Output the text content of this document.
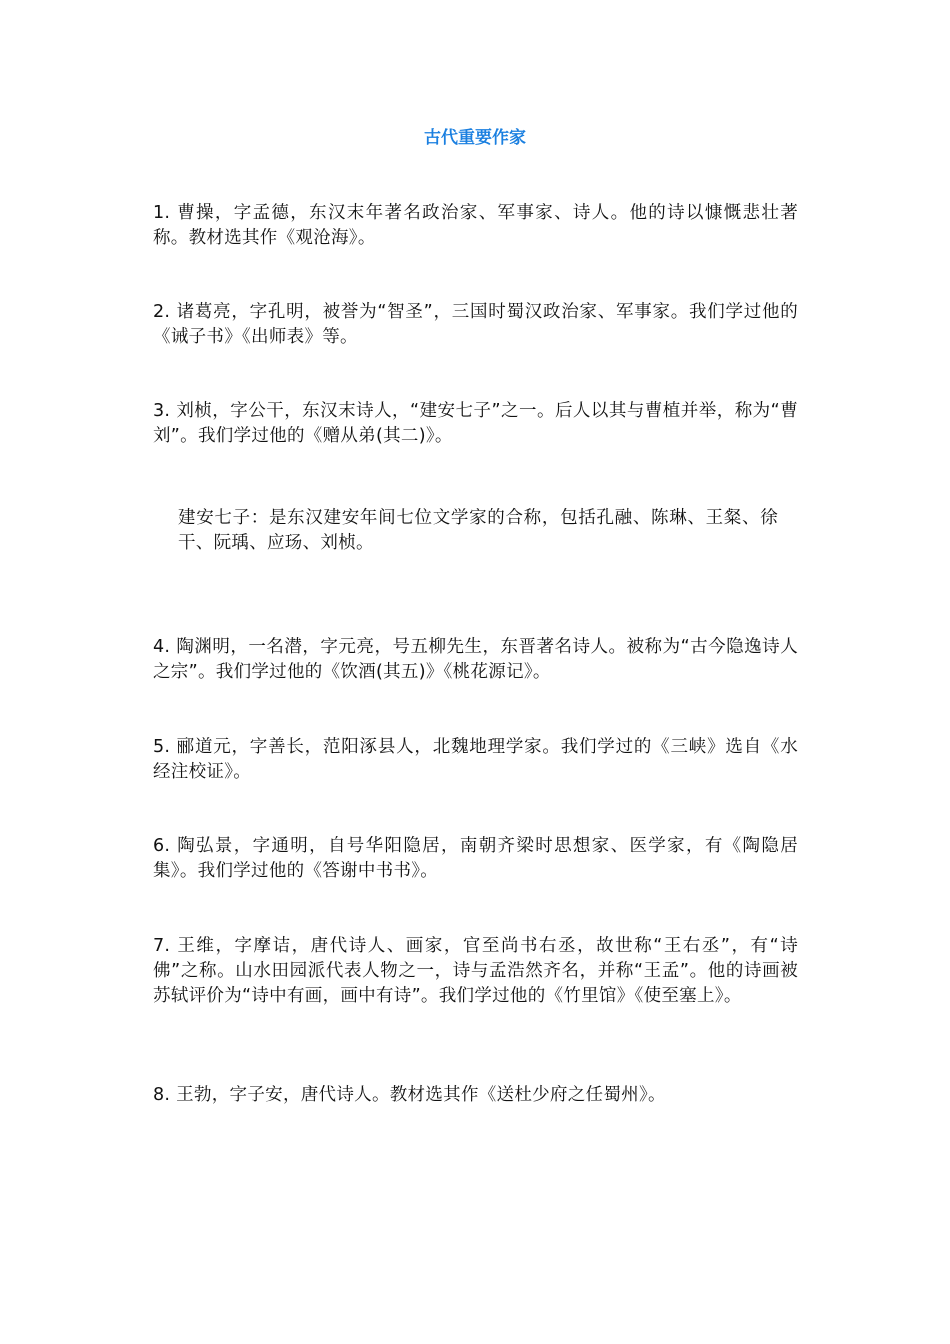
古代重要作家

1. 曹操，字孟德，东汉末年著名政治家、军事家、诗人。他的诗以慷慨悲壮著称。教材选其作《观沧海》。

2. 诸葛亮，字孔明，被誉为“智圣”，三国时蜀汉政治家、军事家。我们学过他的《诫子书》《出师表》等。

3. 刘桢，字公干，东汉末诗人，“建安七子”之一。后人以其与曹植并举，称为“曹刘”。我们学过他的《赠从弟(其二)》。

建安七子：是东汉建安年间七位文学家的合称，包括孔融、陈琳、王粲、徐干、阮瑀、应玚、刘桢。

4. 陶渊明，一名潜，字元亮，号五柳先生，东晋著名诗人。被称为“古今隐逸诗人之宗”。我们学过他的《饮酒(其五)》《桃花源记》。

5. 郦道元，字善长，范阳涿县人，北魏地理学家。我们学过的《三峡》选自《水经注校证》。

6. 陶弘景，字通明，自号华阳隐居，南朝齐梁时思想家、医学家，有《陶隐居集》。我们学过他的《答谢中书书》。

7. 王维，字摩诘，唐代诗人、画家，官至尚书右丞，故世称“王右丞”，有“诗佛”之称。山水田园派代表人物之一，诗与孟浩然齐名，并称“王孟”。他的诗画被苏轼评价为“诗中有画，画中有诗”。我们学过他的《竹里馆》《使至塞上》。

8. 王勃，字子安，唐代诗人。教材选其作《送杜少府之任蜀州》。
